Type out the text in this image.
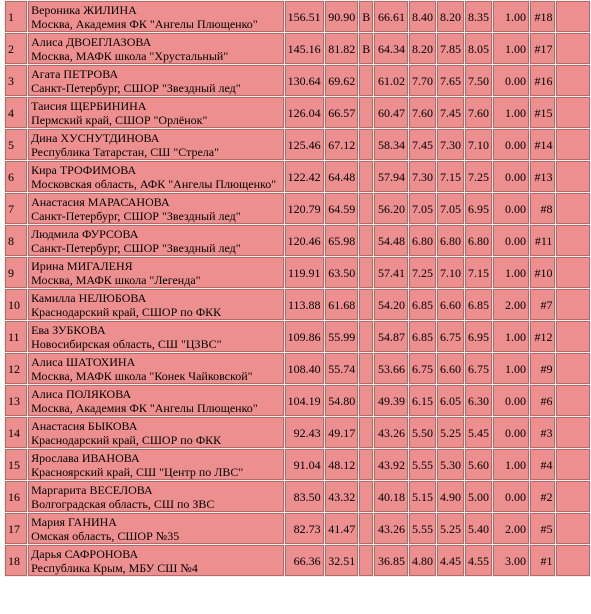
1	Вероника ЖИЛИНА
Москва, Академия ФК "Ангелы Плющенко"	156.51	90.90	B	66.61	8.40	8.20	8.35	1.00	#18	
2	Алиса ДВОЕГЛАЗОВА
Москва, МАФК школа "Хрустальный"	145.16	81.82	B	64.34	8.20	7.85	8.05	1.00	#17	
3	Агата ПЕТРОВА
Санкт-Петербург, СШОР "Звездный лед"	130.64	69.62		61.02	7.70	7.65	7.50	0.00	#16	
4	Таисия ЩЕРБИНИНА
Пермский край, СШОР "Орлёнок"	126.04	66.57		60.47	7.60	7.45	7.60	1.00	#15	
5	Дина ХУСНУТДИНОВА
Республика Татарстан, СШ "Стрела"	125.46	67.12		58.34	7.45	7.30	7.10	0.00	#14	
6	Кира ТРОФИМОВА
Московская область, АФК "Ангелы Плющенко"	122.42	64.48		57.94	7.30	7.15	7.25	0.00	#13	
7	Анастасия МАРАСАНОВА
Санкт-Петербург, СШОР "Звездный лед"	120.79	64.59		56.20	7.05	7.05	6.95	0.00	#8	
8	Людмила ФУРСОВА
Санкт-Петербург, СШОР "Звездный лед"	120.46	65.98		54.48	6.80	6.80	6.80	0.00	#11	
9	Ирина МИГАЛЕНЯ
Москва, МАФК школа "Легенда"	119.91	63.50		57.41	7.25	7.10	7.15	1.00	#10	
10	Камилла НЕЛЮБОВА
Краснодарский край, СШОР по ФКК	113.88	61.68		54.20	6.85	6.60	6.85	2.00	#7	
11	Ева ЗУБКОВА
Новосибирская область, СШ "ЦЗВС"	109.86	55.99		54.87	6.85	6.75	6.95	1.00	#12	
12	Алиса ШАТОХИНА
Москва, МАФК школа "Конек Чайковской"	108.40	55.74		53.66	6.75	6.60	6.75	1.00	#9	
13	Алиса ПОЛЯКОВА
Москва, Академия ФК "Ангелы Плющенко"	104.19	54.80		49.39	6.15	6.05	6.30	0.00	#6	
14	Анастасия БЫКОВА
Краснодарский край, СШОР по ФКК	92.43	49.17		43.26	5.50	5.25	5.45	0.00	#3	
15	Ярослава ИВАНОВА
Красноярский край, СШ "Центр по ЛВС"	91.04	48.12		43.92	5.55	5.30	5.60	1.00	#4	
16	Маргарита ВЕСЕЛОВА
Волгоградская область, СШ по ЗВС	83.50	43.32		40.18	5.15	4.90	5.00	0.00	#2	
17	Мария ГАНИНА
Омская область, СШОР №35	82.73	41.47		43.26	5.55	5.25	5.40	2.00	#5	
18	Дарья САФРОНОВА
Республика Крым, МБУ СШ №4	66.36	32.51		36.85	4.80	4.45	4.55	3.00	#1	
